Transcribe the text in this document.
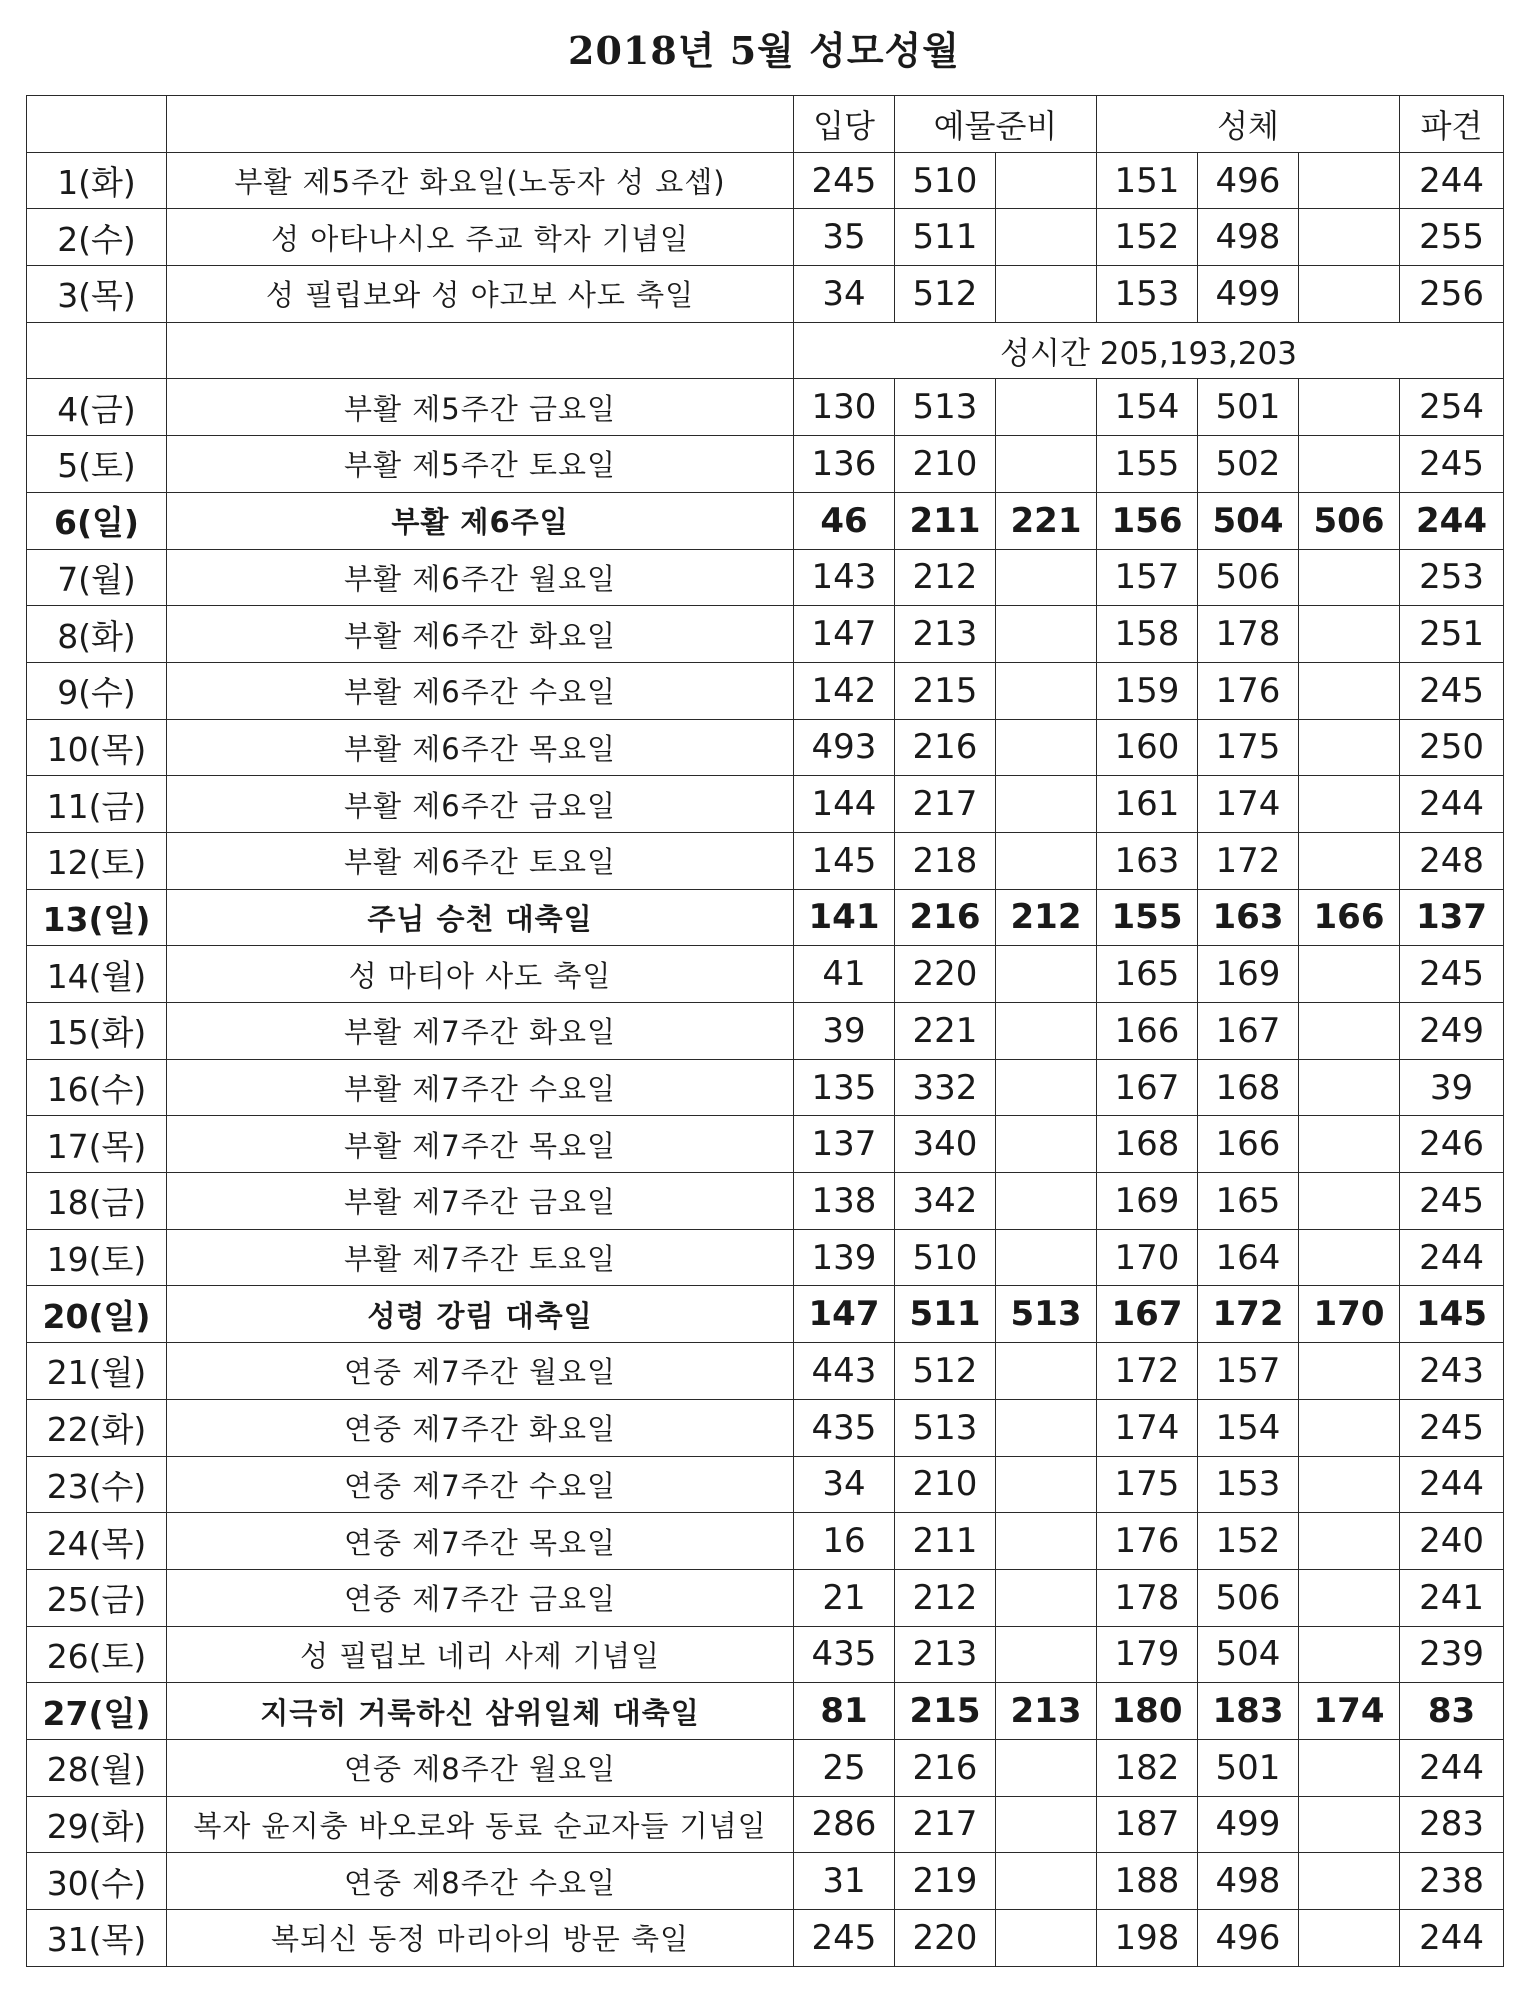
2018년 5월 성모성월
		입당	예물준비		성체			파견
1(화)	부활 제5주간 화요일(노동자 성 요셉)	245	510		151	496		244
2(수)	성 아타나시오 주교 학자 기념일	35	511		152	498		255
3(목)	성 필립보와 성 야고보 사도 축일	34	512		153	499		256
		성시간 205,193,203						
4(금)	부활 제5주간 금요일	130	513		154	501		254
5(토)	부활 제5주간 토요일	136	210		155	502		245
6(일)	부활 제6주일	46	211	221	156	504	506	244
7(월)	부활 제6주간 월요일	143	212		157	506		253
8(화)	부활 제6주간 화요일	147	213		158	178		251
9(수)	부활 제6주간 수요일	142	215		159	176		245
10(목)	부활 제6주간 목요일	493	216		160	175		250
11(금)	부활 제6주간 금요일	144	217		161	174		244
12(토)	부활 제6주간 토요일	145	218		163	172		248
13(일)	주님 승천 대축일	141	216	212	155	163	166	137
14(월)	성 마티아 사도 축일	41	220		165	169		245
15(화)	부활 제7주간 화요일	39	221		166	167		249
16(수)	부활 제7주간 수요일	135	332		167	168		39
17(목)	부활 제7주간 목요일	137	340		168	166		246
18(금)	부활 제7주간 금요일	138	342		169	165		245
19(토)	부활 제7주간 토요일	139	510		170	164		244
20(일)	성령 강림 대축일	147	511	513	167	172	170	145
21(월)	연중 제7주간 월요일	443	512		172	157		243
22(화)	연중 제7주간 화요일	435	513		174	154		245
23(수)	연중 제7주간 수요일	34	210		175	153		244
24(목)	연중 제7주간 목요일	16	211		176	152		240
25(금)	연중 제7주간 금요일	21	212		178	506		241
26(토)	성 필립보 네리 사제 기념일	435	213		179	504		239
27(일)	지극히 거룩하신 삼위일체 대축일	81	215	213	180	183	174	83
28(월)	연중 제8주간 월요일	25	216		182	501		244
29(화)	복자 윤지충 바오로와 동료 순교자들 기념일	286	217		187	499		283
30(수)	연중 제8주간 수요일	31	219		188	498		238
31(목)	복되신 동정 마리아의 방문 축일	245	220		198	496		244
